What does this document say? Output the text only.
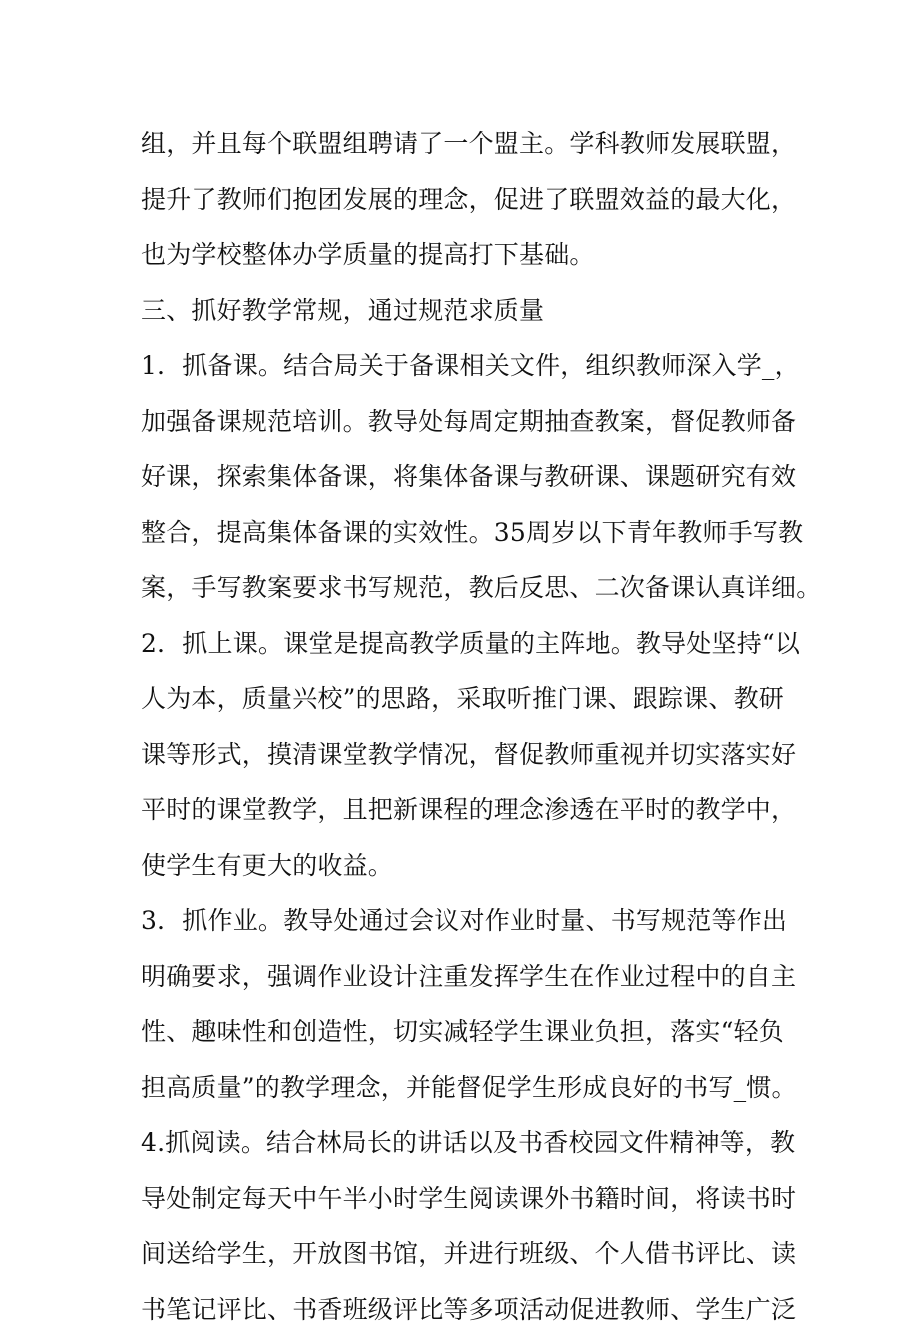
组，并且每个联盟组聘请了一个盟主。学科教师发展联盟，
提升了教师们抱团发展的理念，促进了联盟效益的最大化，
也为学校整体办学质量的提高打下基础。
三、抓好教学常规，通过规范求质量
1．抓备课。结合局关于备课相关文件，组织教师深入学_，
加强备课规范培训。教导处每周定期抽查教案，督促教师备
好课，探索集体备课，将集体备课与教研课、课题研究有效
整合，提高集体备课的实效性。35周岁以下青年教师手写教
案，手写教案要求书写规范，教后反思、二次备课认真详细。
2．抓上课。课堂是提高教学质量的主阵地。教导处坚持“以
人为本，质量兴校”的思路，采取听推门课、跟踪课、教研
课等形式，摸清课堂教学情况，督促教师重视并切实落实好
平时的课堂教学，且把新课程的理念渗透在平时的教学中，
使学生有更大的收益。
3．抓作业。教导处通过会议对作业时量、书写规范等作出
明确要求，强调作业设计注重发挥学生在作业过程中的自主
性、趣味性和创造性，切实减轻学生课业负担，落实“轻负
担高质量”的教学理念，并能督促学生形成良好的书写_惯。
4.抓阅读。结合林局长的讲话以及书香校园文件精神等，教
导处制定每天中午半小时学生阅读课外书籍时间，将读书时
间送给学生，开放图书馆，并进行班级、个人借书评比、读
书笔记评比、书香班级评比等多项活动促进教师、学生广泛
